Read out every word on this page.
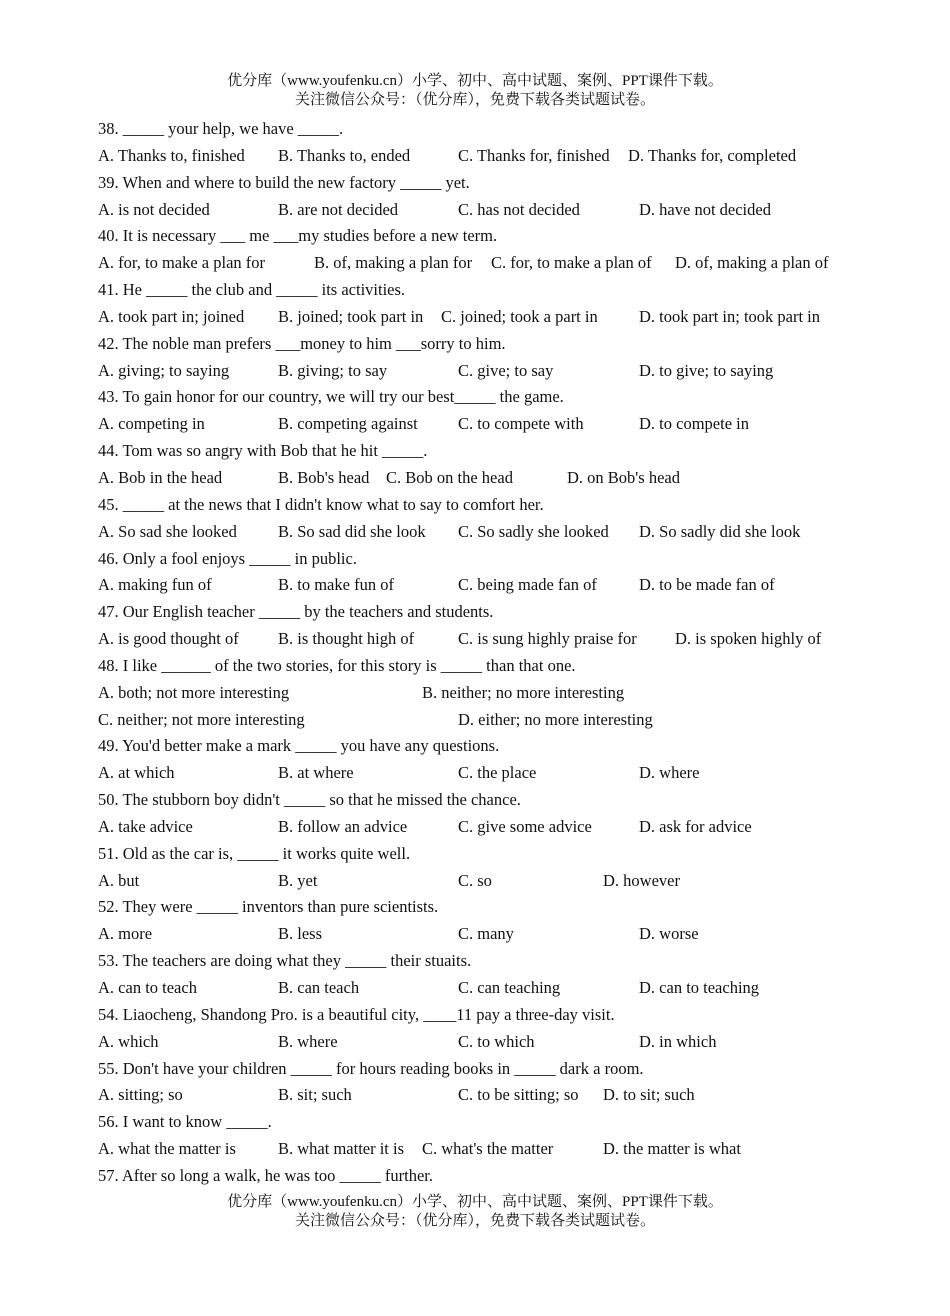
优分库（www.youfenku.cn）小学、初中、高中试题、案例、PPT课件下载。
关注微信公众号：（优分库），免费下载各类试题试卷。
38. _____ your help, we have _____.
A. Thanks to, finished B. Thanks to, ended	C. Thanks for, finished D. Thanks for, completed
39. When and where to build the new factory _____ yet.
A. is not decided	B. are not decided	C. has not decided	D. have not decided
40. It is necessary ___ me ___my studies before a new term.
A. for, to make a plan for	B. of, making a plan for C. for, to make a plan of D. of, making a plan of
41. He _____ the club and _____ its activities.
A. took part in; joined B. joined; took part in C. joined; took a part in	D. took part in; took part in
42. The noble man prefers ___money to him ___sorry to him.
A. giving; to saying	B. giving; to say	C. give; to say	D. to give; to saying
43. To gain honor for our country, we will try our best_____ the game.
A. competing in	B. competing against C. to compete with	D. to compete in
44. Tom was so angry with Bob that he hit _____.
A. Bob in the head	B. Bob's head C. Bob on the head	D. on Bob's head
45. _____ at the news that I didn't know what to say to comfort her.
A. So sad she looked B. So sad did she look C. So sadly she looked D. So sadly did she look
46. Only a fool enjoys _____ in public.
A. making fun of	B. to make fun of	C. being made fan of	D. to be made fan of
47. Our English teacher _____ by the teachers and students.
A. is good thought of B. is thought high of	C. is sung highly praise for D. is spoken highly of
48. I like ______ of the two stories, for this story is _____ than that one.
A. both; not more interesting	B. neither; no more interesting
C. neither; not more interesting	D. either; no more interesting
49. You'd better make a mark _____ you have any questions.
A. at which	B. at where	C. the place	D. where
50. The stubborn boy didn't _____ so that he missed the chance.
A. take advice	B. follow an advice	C. give some advice	D. ask for advice
51. Old as the car is, _____ it works quite well.
A. but	B. yet	C. so	D. however
52. They were _____ inventors than pure scientists.
A. more	B. less	C. many	D. worse
53. The teachers are doing what they _____ their stuaits.
A. can to teach	B. can teach	C. can teaching	D. can to teaching
54. Liaocheng, Shandong Pro. is a beautiful city, ____11 pay a three-day visit.
A. which	B. where	C. to which	D. in which
55. Don't have your children _____ for hours reading books in _____ dark a room.
A. sitting; so	B. sit; such	C. to be sitting; so D. to sit; such
56. I want to know _____.
A. what the matter is	B. what matter it is C. what's the matter	D. the matter is what
57. After so long a walk, he was too _____ further.
优分库（www.youfenku.cn）小学、初中、高中试题、案例、PPT课件下载。
关注微信公众号：（优分库），免费下载各类试题试卷。
